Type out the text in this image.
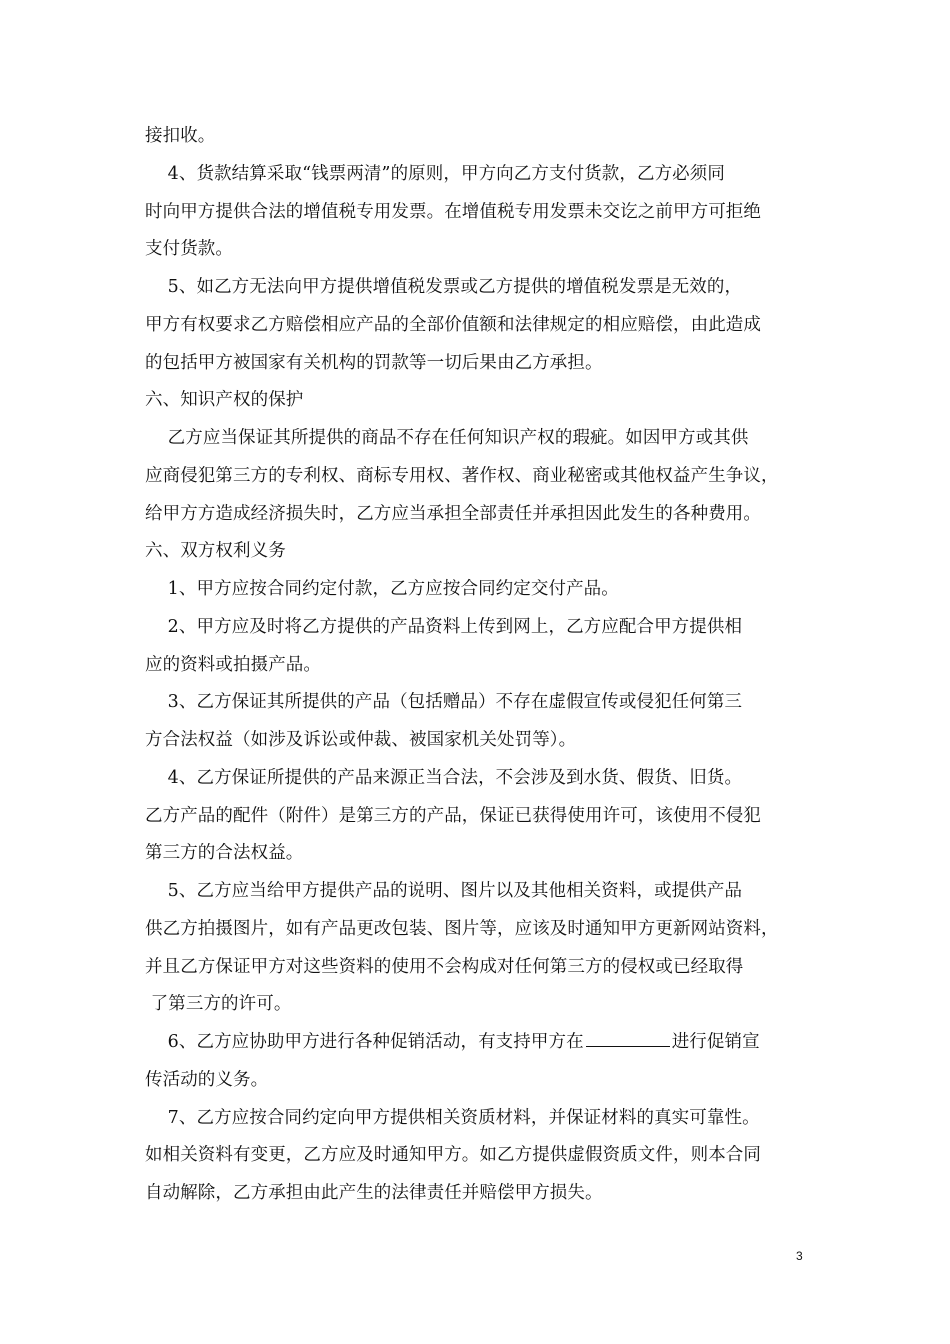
接扣收。
4、货款结算采取“钱票两清”的原则，甲方向乙方支付货款，乙方必须同
时向甲方提供合法的增值税专用发票。在增值税专用发票未交讫之前甲方可拒绝
支付货款。
5、如乙方无法向甲方提供增值税发票或乙方提供的增值税发票是无效的，
甲方有权要求乙方赔偿相应产品的全部价值额和法律规定的相应赔偿，由此造成
的包括甲方被国家有关机构的罚款等一切后果由乙方承担。
六、知识产权的保护
乙方应当保证其所提供的商品不存在任何知识产权的瑕疵。如因甲方或其供
应商侵犯第三方的专利权、商标专用权、著作权、商业秘密或其他权益产生争议，
给甲方方造成经济损失时，乙方应当承担全部责任并承担因此发生的各种费用。
六、双方权利义务
1、甲方应按合同约定付款，乙方应按合同约定交付产品。
2、甲方应及时将乙方提供的产品资料上传到网上，乙方应配合甲方提供相
应的资料或拍摄产品。
3、乙方保证其所提供的产品（包括赠品）不存在虚假宣传或侵犯任何第三
方合法权益（如涉及诉讼或仲裁、被国家机关处罚等）。
4、乙方保证所提供的产品来源正当合法，不会涉及到水货、假货、旧货。
乙方产品的配件（附件）是第三方的产品，保证已获得使用许可，该使用不侵犯
第三方的合法权益。
5、乙方应当给甲方提供产品的说明、图片以及其他相关资料，或提供产品
供乙方拍摄图片，如有产品更改包装、图片等，应该及时通知甲方更新网站资料，
并且乙方保证甲方对这些资料的使用不会构成对任何第三方的侵权或已经取得
了第三方的许可。
6、乙方应协助甲方进行各种促销活动，有支持甲方在	进行促销宣
传活动的义务。
7、乙方应按合同约定向甲方提供相关资质材料，并保证材料的真实可靠性。
如相关资料有变更，乙方应及时通知甲方。如乙方提供虚假资质文件，则本合同
自动解除，乙方承担由此产生的法律责任并赔偿甲方损失。
3
